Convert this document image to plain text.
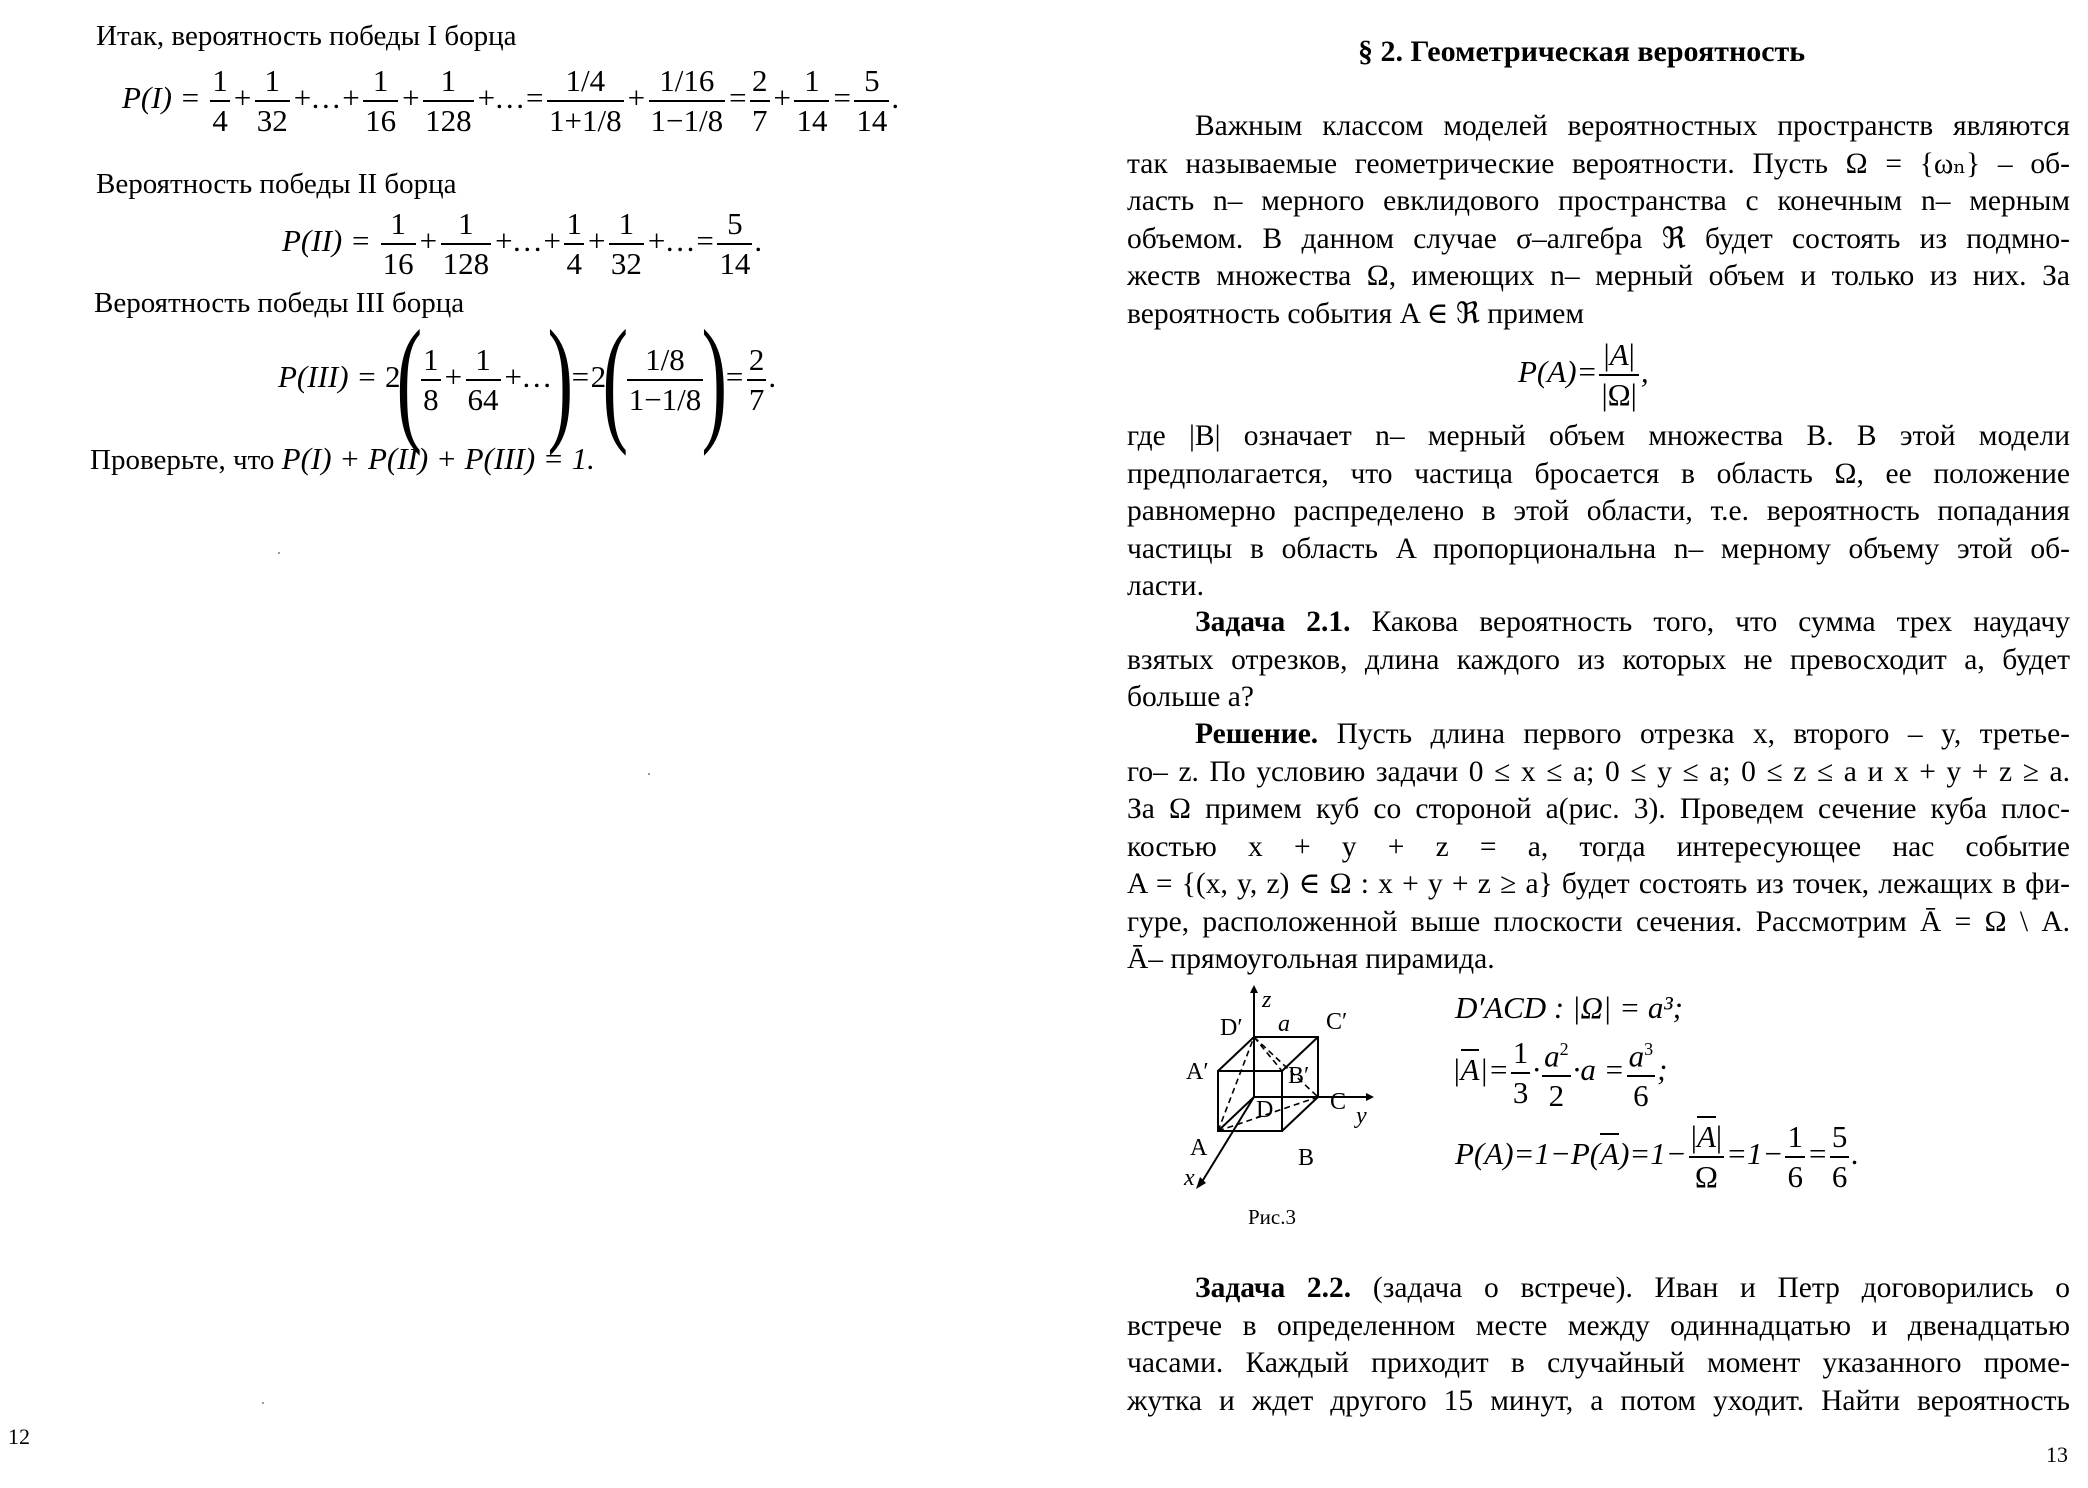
Итак, вероятность победы I борца
$P(I) = \frac{1}{4} + \frac{1}{32}$ +…+ $\frac{1}{16} + \frac{1}{128}$ +…= $\frac{1/4}{1+1/8} + \frac{1/16}{1-1/8} = \frac{2}{7} + \frac{1}{14} = \frac{5}{14}$ .
Вероятность победы II борца
$P(II) = \frac{1}{16} + \frac{1}{128}$ +…+ $\frac{1}{4} + \frac{1}{32}$ +…= $\frac{5}{14}$ .
Вероятность победы III борца
P(III) = 2(
$\frac{1}{8} + \frac{1}{64}$ +…)=2(
$\frac{1/8}{1-1/8}$
)= $\frac{2}{7}$ .
Проверьте, что P(I) + P(II) + P(III) = 1.
12
§ 2. Геометрическая вероятность
Важным классом моделей вероятностных пространств являются
так называемые геометрические вероятности. Пусть Ω = {ωₙ} – об-
ласть n– мерного евклидового пространства с конечным n– мерным
объемом. В данном случае σ–алгебра ℜ будет состоять из подмно-
жеств множества Ω, имеющих n– мерный объем и только из них. За
вероятность события A ∈ ℜ примем
$P(A)= \frac{|A|}{|\Omega|}$ ,
где |B| означает n– мерный объем множества B. В этой модели
предполагается, что частица бросается в область Ω, ее положение
равномерно распределено в этой области, т.е. вероятность попадания
частицы в область A пропорциональна n– мерному объему этой об-
ласти.
Задача 2.1. Какова вероятность того, что сумма трех наудачу
взятых отрезков, длина каждого из которых не превосходит a, будет
больше a?
Решение. Пусть длина первого отрезка x, второго – y, третье-
го– z. По условию задачи 0 ≤ x ≤ a; 0 ≤ y ≤ a; 0 ≤ z ≤ a и x + y + z ≥ a.
За Ω примем куб со стороной a(рис. 3). Проведем сечение куба плос-
костью x + y + z = a, тогда интересующее нас событие
A = {(x, y, z) ∈ Ω : x + y + z ≥ a} будет состоять из точек, лежащих в фи-
гуре, расположенной выше плоскости сечения. Рассмотрим Ā = Ω \ A.
Ā– прямоугольная пирамида.
z
a
D′	C′
A′	B′
D C
A	B
x
y
Рис.3
D′ACD : |Ω| = a³;
$|A|= \frac{1}{3} \cdot \frac{a^2}{2} \cdot a = \frac{a^3}{6}$ ;
$P(A)=1-P(A)=1- \frac{|A|}{\Omega} =1- \frac{1}{6} = \frac{5}{6}$ .
Задача 2.2. (задача о встрече). Иван и Петр договорились о
встрече в определенном месте между одиннадцатью и двенадцатью
часами. Каждый приходит в случайный момент указанного проме-
жутка и ждет другого 15 минут, а потом уходит. Найти вероятность
13
